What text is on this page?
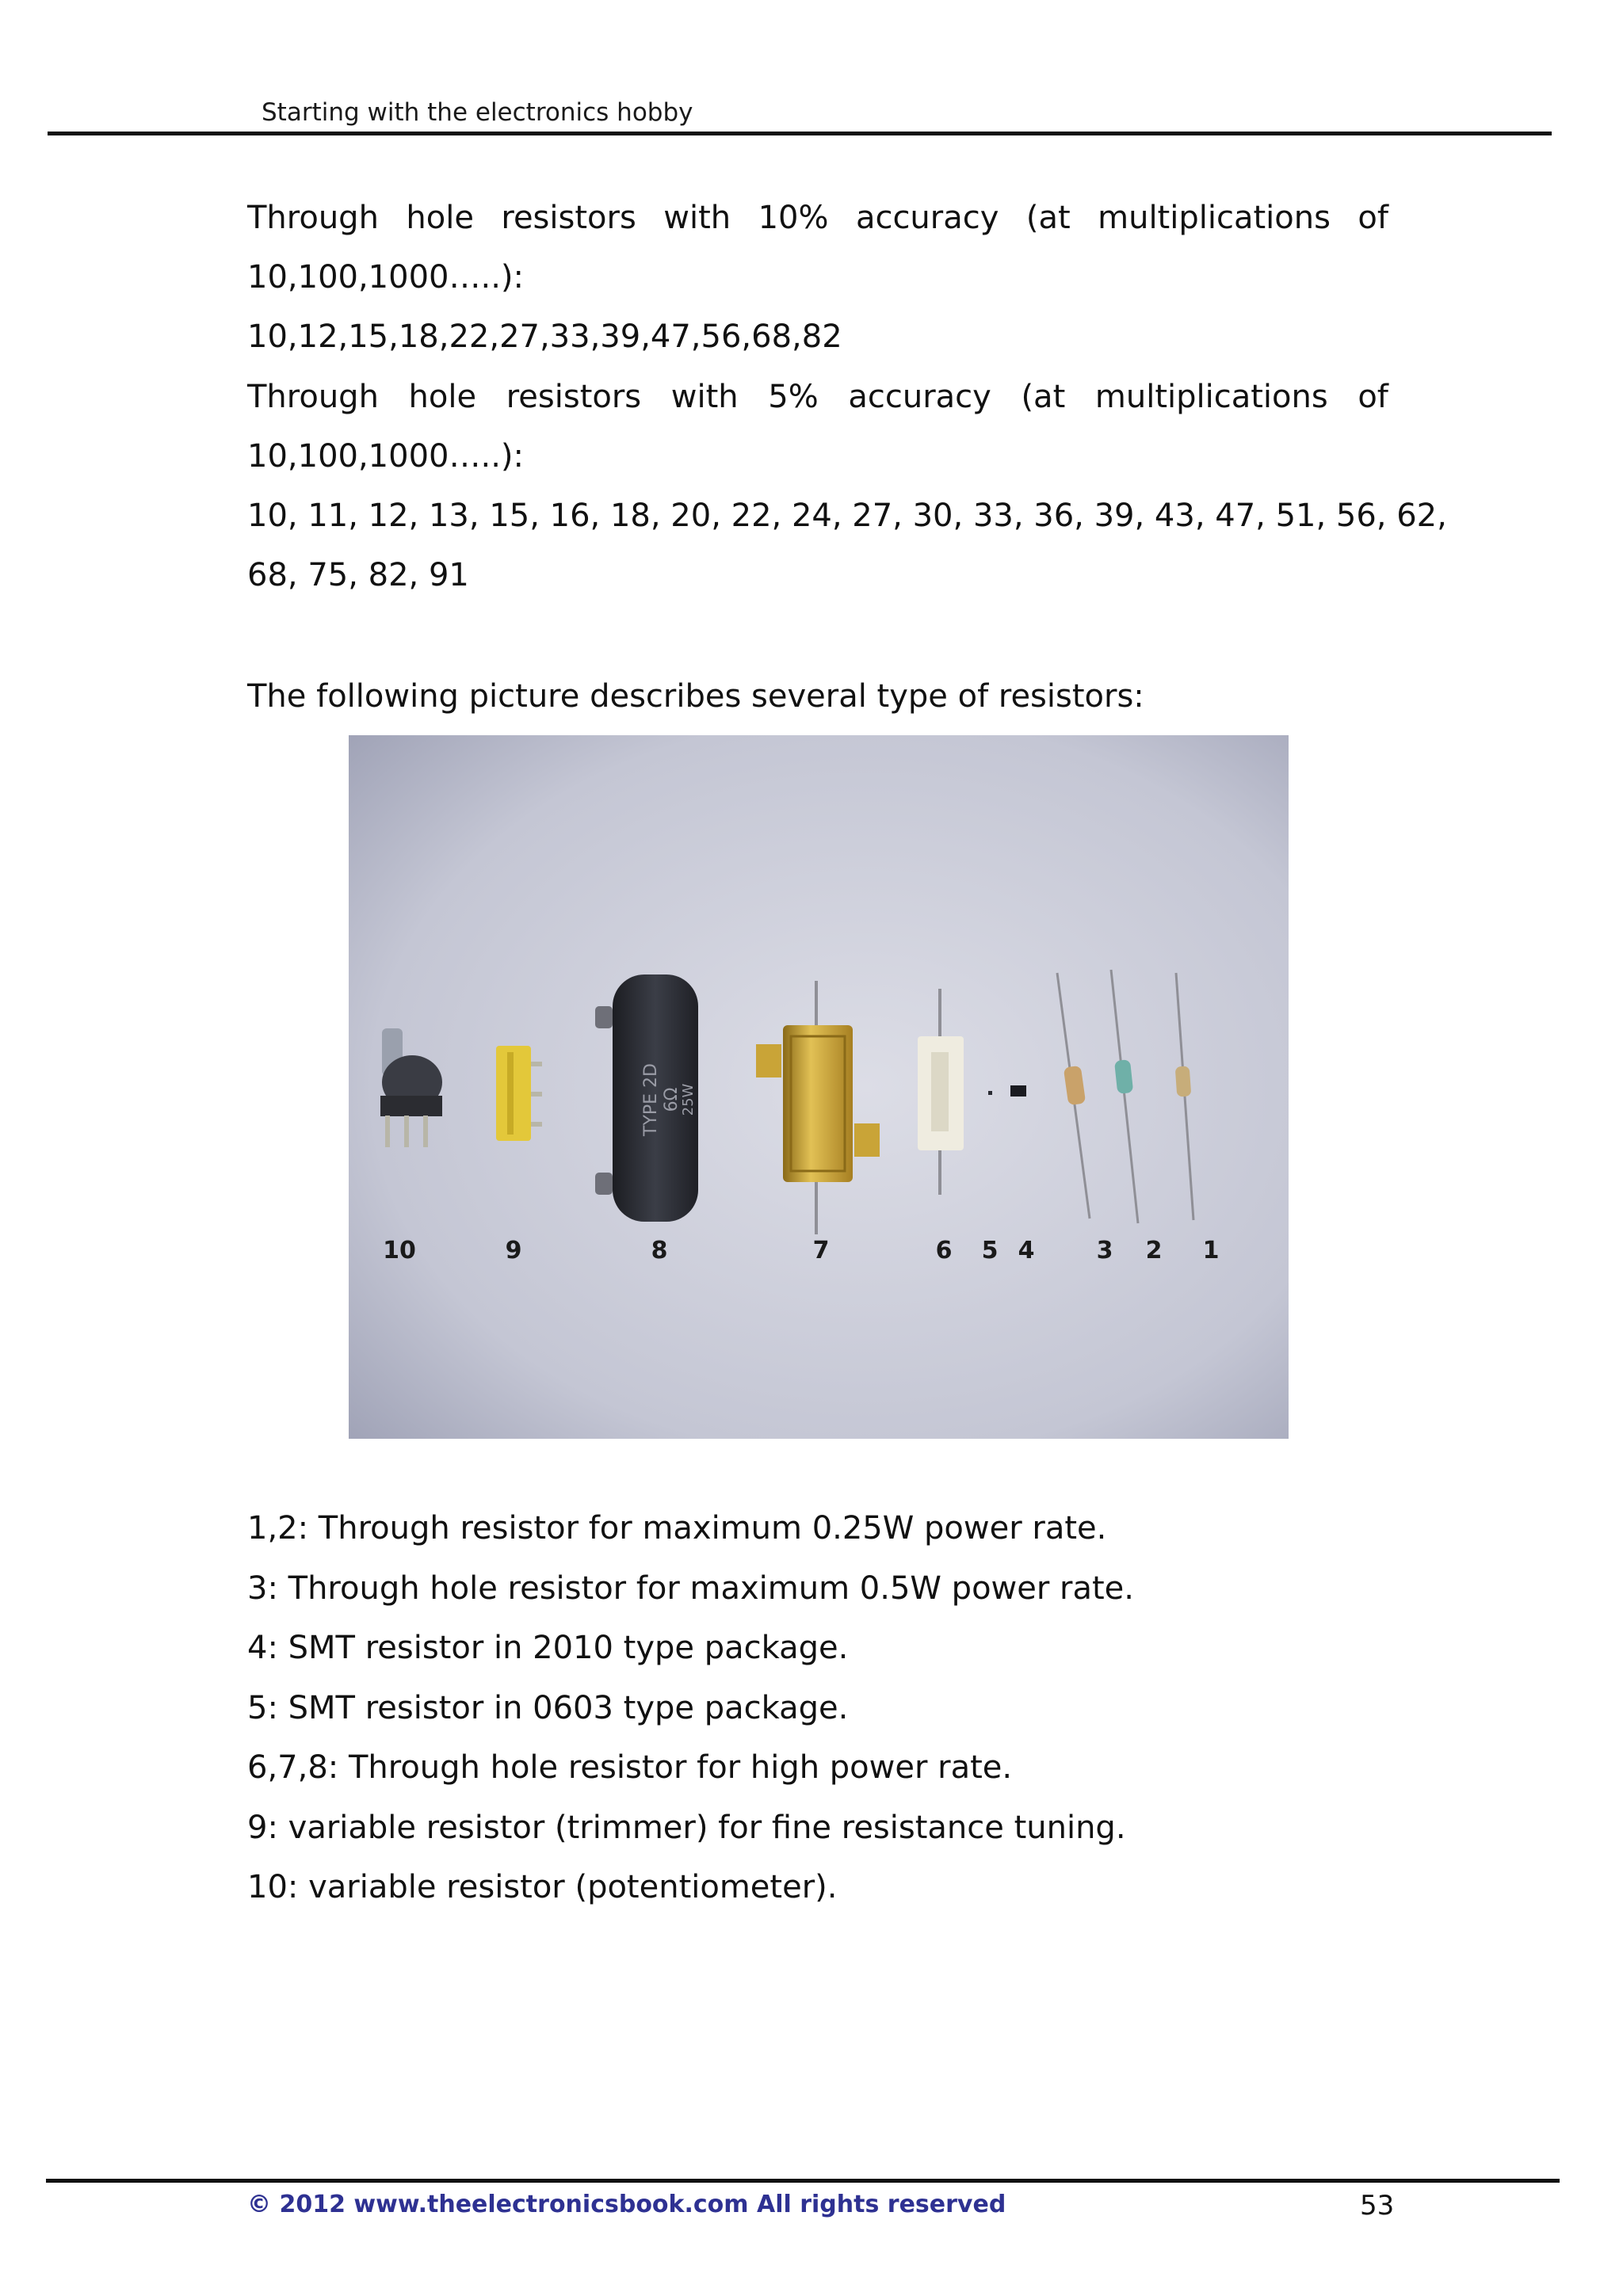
Starting with the electronics hobby
Through hole resistors with 10% accuracy (at multiplications of
10,100,1000…..):
10,12,15,18,22,27,33,39,47,56,68,82
Through hole resistors with 5% accuracy (at multiplications of
10,100,1000…..):
10, 11, 12, 13, 15, 16, 18, 20, 22, 24, 27, 30, 33, 36, 39, 43, 47, 51, 56, 62,
68, 75, 82, 91
The following picture describes several type of resistors:
TYPE 2D 6Ω
25W
10	9	8	7	6 5 4	3 2 1
1,2: Through resistor for maximum 0.25W power rate.
3: Through hole resistor for maximum 0.5W power rate.
4: SMT resistor in 2010 type package.
5: SMT resistor in 0603 type package.
6,7,8: Through hole resistor for high power rate.
9: variable resistor (trimmer) for fine resistance tuning.
10: variable resistor (potentiometer).
© 2012 www.theelectronicsbook.com All rights reserved	53
